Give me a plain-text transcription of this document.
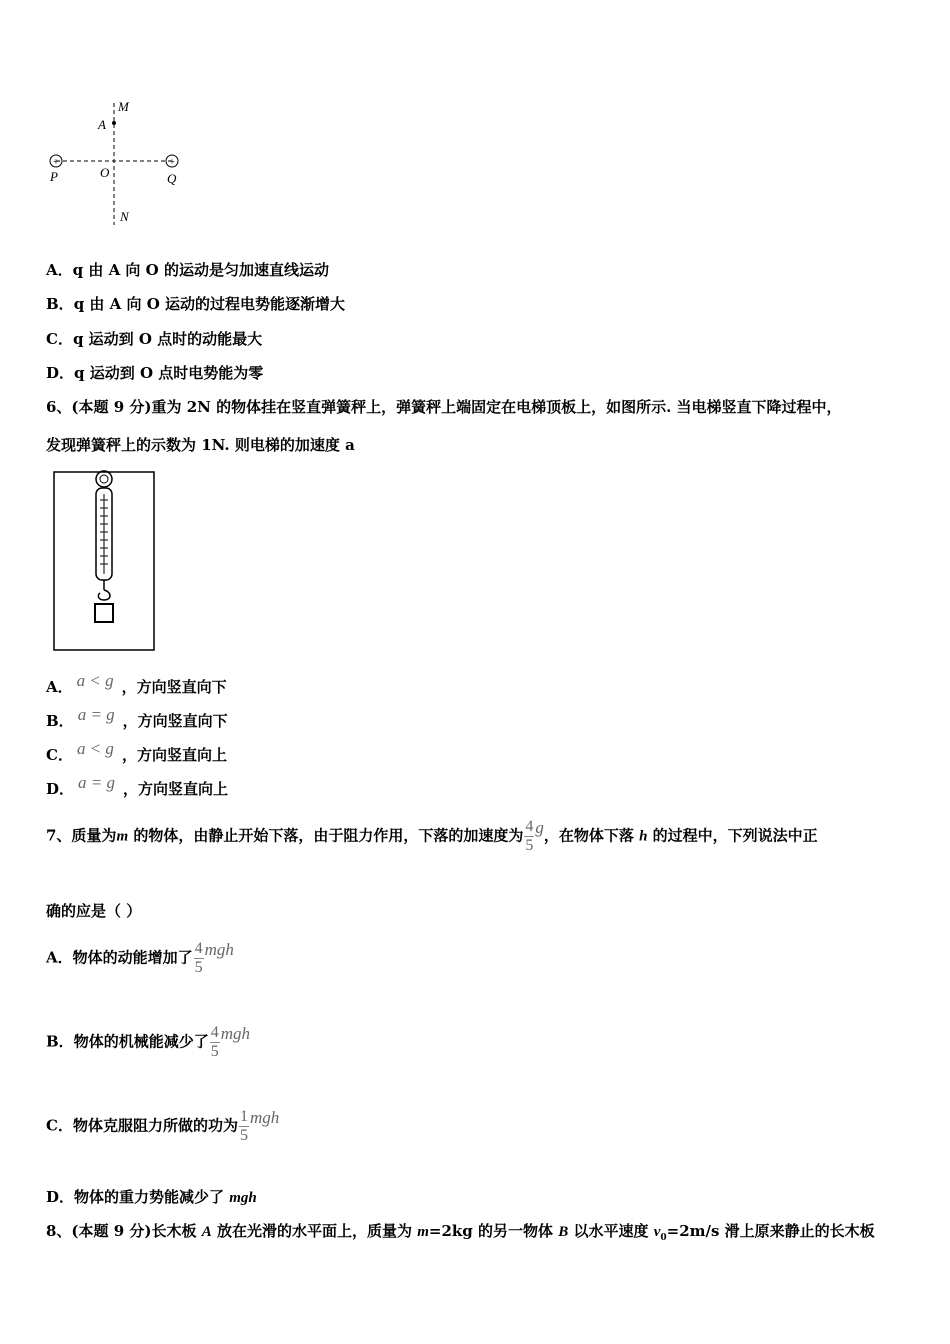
+	+
M
A
P	O	Q
N
A．q 由 A 向 O 的运动是匀加速直线运动
B．q 由 A 向 O 运动的过程电势能逐渐增大
C．q 运动到 O 点时的动能最大
D．q 运动到 O 点时电势能为零
6、(本题 9 分)重为 2N 的物体挂在竖直弹簧秤上，弹簧秤上端固定在电梯顶板上，如图所示. 当电梯竖直下降过程中，
发现弹簧秤上的示数为 1N. 则电梯的加速度 a
A． a < g ，方向竖直向下
B． a = g ，方向竖直向下
C． a < g ，方向竖直向上
D． a = g ，方向竖直向上
7、质量为m 的物体，由静止开始下落，由于阻力作用，下落的加速度为 $\frac{4}{5}$ g，在物体下落 h 的过程中，下列说法中正
确的应是（ ）
A．物体的动能增加了 $\frac{4}{5}$ mgh
B．物体的机械能减少了 $\frac{4}{5}$ mgh
C．物体克服阻力所做的功为 $\frac{1}{5}$ mgh
D．物体的重力势能减少了 mgh
8、(本题 9 分)长木板 A 放在光滑的水平面上，质量为 m=2kg 的另一物体 B 以水平速度 $v_0=2m/s$ 滑上原来静止的长木板
